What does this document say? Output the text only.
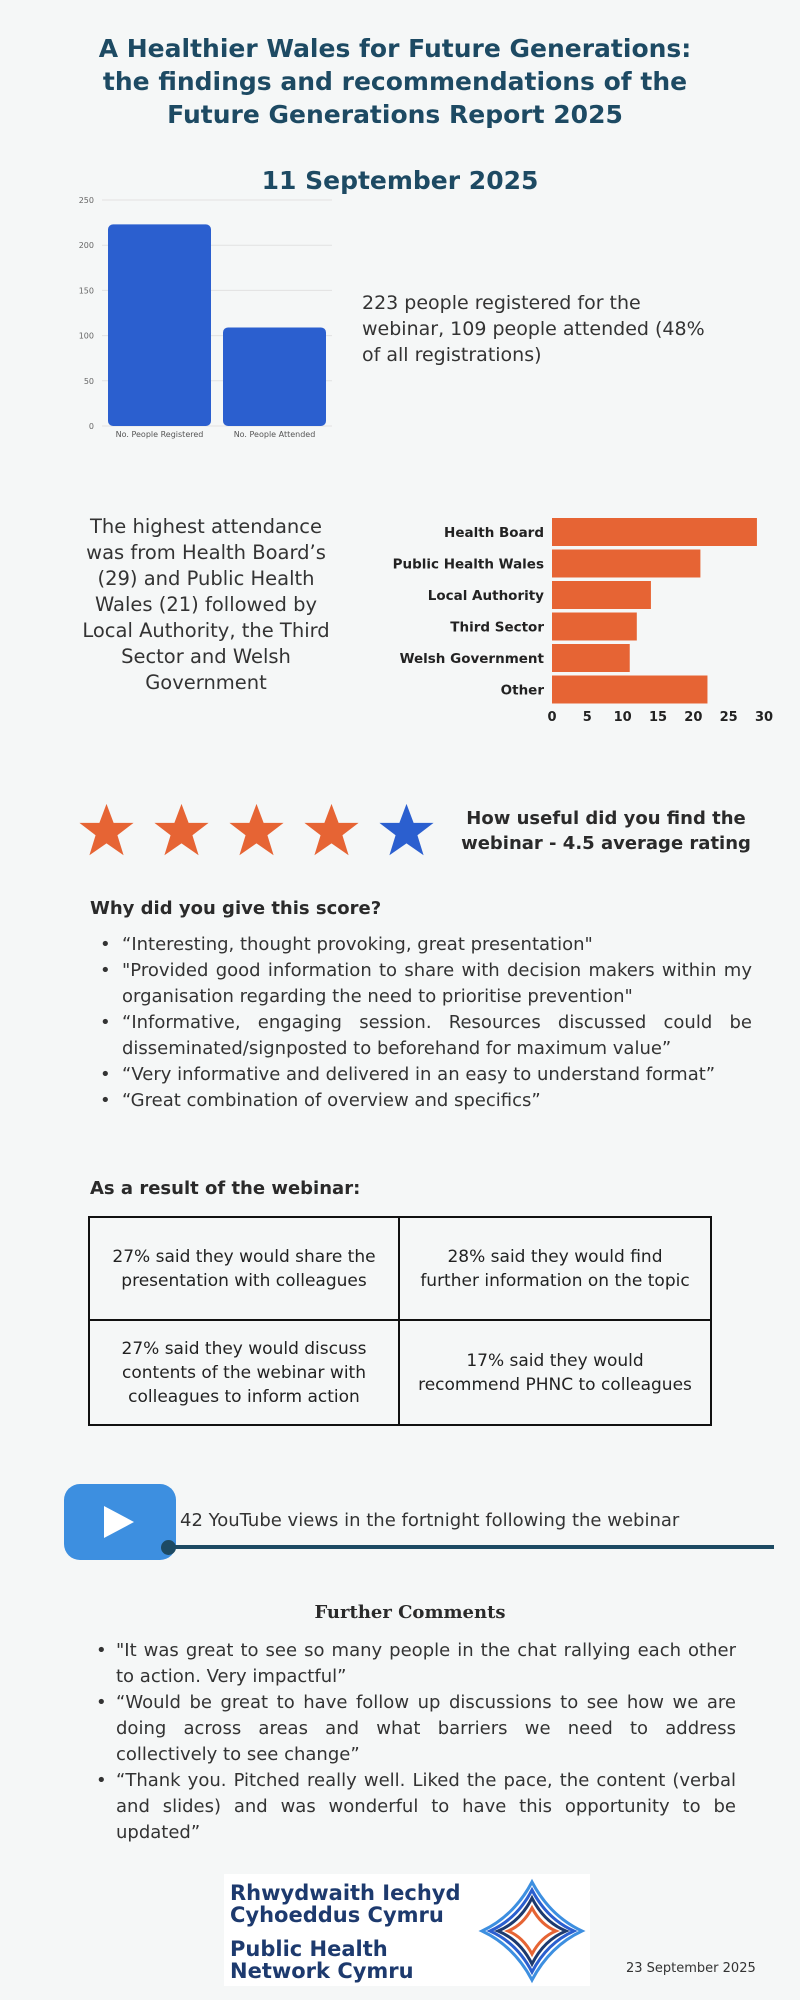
A Healthier Wales for Future Generations: the findings and recommendations of the Future Generations Report 2025
11 September 2025
0
50
100
150
200
250
No. People Registered	No. People Attended
223 people registered for the webinar, 109 people attended (48% of all registrations)
The highest attendance was from Health Board’s (29) and Public Health Wales (21) followed by Local Authority, the Third Sector and Welsh Government
Health Board
Public Health Wales
Local Authority
Third Sector
Welsh Government
Other
0 5 10 15 20 25 30
How useful did you find the webinar - 4.5 average rating
Why did you give this score?
• “Interesting, thought provoking, great presentation"
• "Provided good information to share with decision makers within my organisation regarding the need to prioritise prevention"
• “Informative, engaging session. Resources discussed could be disseminated/signposted to beforehand for maximum value”
• “Very informative and delivered in an easy to understand format”
• “Great combination of overview and specifics”
As a result of the webinar:
27% said they would share the presentation with colleagues
28% said they would find further information on the topic
27% said they would discuss contents of the webinar with colleagues to inform action
17% said they would recommend PHNC to colleagues
42 YouTube views in the fortnight following the webinar
Further Comments
• "It was great to see so many people in the chat rallying each other to action. Very impactful”
• “Would be great to have follow up discussions to see how we are doing across areas and what barriers we need to address collectively to see change”
• “Thank you. Pitched really well. Liked the pace, the content (verbal and slides) and was wonderful to have this opportunity to be updated”
Rhwydwaith Iechyd
Cyhoeddus Cymru
Public Health
Network Cymru	23 September 2025
